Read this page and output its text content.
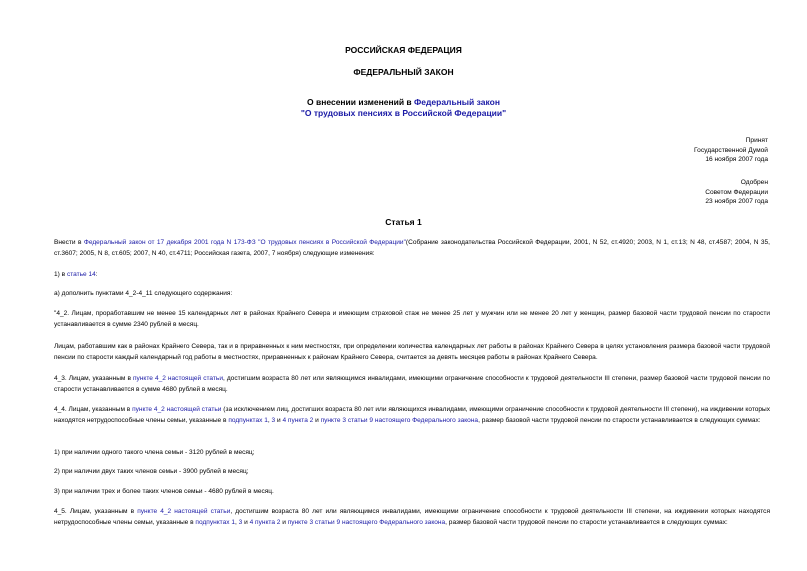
РОССИЙСКАЯ ФЕДЕРАЦИЯ
ФЕДЕРАЛЬНЫЙ ЗАКОН
О внесении изменений в Федеральный закон
"О трудовых пенсиях в Российской Федерации"
Принят
Государственной Думой
16 ноября 2007 года
Одобрен
Советом Федерации
23 ноября 2007 года
Статья 1
Внести в Федеральный закон от 17 декабря 2001 года N 173-ФЗ "О трудовых пенсиях в Российской Федерации"(Собрание законодательства Российской Федерации, 2001, N 52, ст.4920; 2003, N 1, ст.13; N 48, ст.4587; 2004, N 35, ст.3607; 2005, N 8, ст.605; 2007, N 40, ст.4711; Российская газета, 2007, 7 ноября) следующие изменения:
1) в статье 14:
а) дополнить пунктами 4_2-4_11 следующего содержания:
"4_2. Лицам, проработавшим не менее 15 календарных лет в районах Крайнего Севера и имеющим страховой стаж не менее 25 лет у мужчин или не менее 20 лет у женщин, размер базовой части трудовой пенсии по старости устанавливается в сумме 2340 рублей в месяц.
Лицам, работавшим как в районах Крайнего Севера, так и в приравненных к ним местностях, при определении количества календарных лет работы в районах Крайнего Севера в целях установления размера базовой части трудовой пенсии по старости каждый календарный год работы в местностях, приравненных к районам Крайнего Севера, считается за девять месяцев работы в районах Крайнего Севера.
4_3. Лицам, указанным в пункте 4_2 настоящей статьи, достигшим возраста 80 лет или являющимся инвалидами, имеющими ограничение способности к трудовой деятельности III степени, размер базовой части трудовой пенсии по старости устанавливается в сумме 4680 рублей в месяц.
4_4. Лицам, указанным в пункте 4_2 настоящей статьи (за исключением лиц, достигших возраста 80 лет или являющихся инвалидами, имеющими ограничение способности к трудовой деятельности III степени), на иждивении которых находятся нетрудоспособные члены семьи, указанные в подпунктах 1, 3 и 4 пункта 2 и пункте 3 статьи 9 настоящего Федерального закона, размер базовой части трудовой пенсии по старости устанавливается в следующих суммах:
1) при наличии одного такого члена семьи - 3120 рублей в месяц;
2) при наличии двух таких членов семьи - 3900 рублей в месяц;
3) при наличии трех и более таких членов семьи - 4680 рублей в месяц.
4_5. Лицам, указанным в пункте 4_2 настоящей статьи, достигшим возраста 80 лет или являющимся инвалидами, имеющими ограничение способности к трудовой деятельности III степени, на иждивении которых находятся нетрудоспособные члены семьи, указанные в подпунктах 1, 3 и 4 пункта 2 и пункте 3 статьи 9 настоящего Федерального закона, размер базовой части трудовой пенсии по старости устанавливается в следующих суммах:
